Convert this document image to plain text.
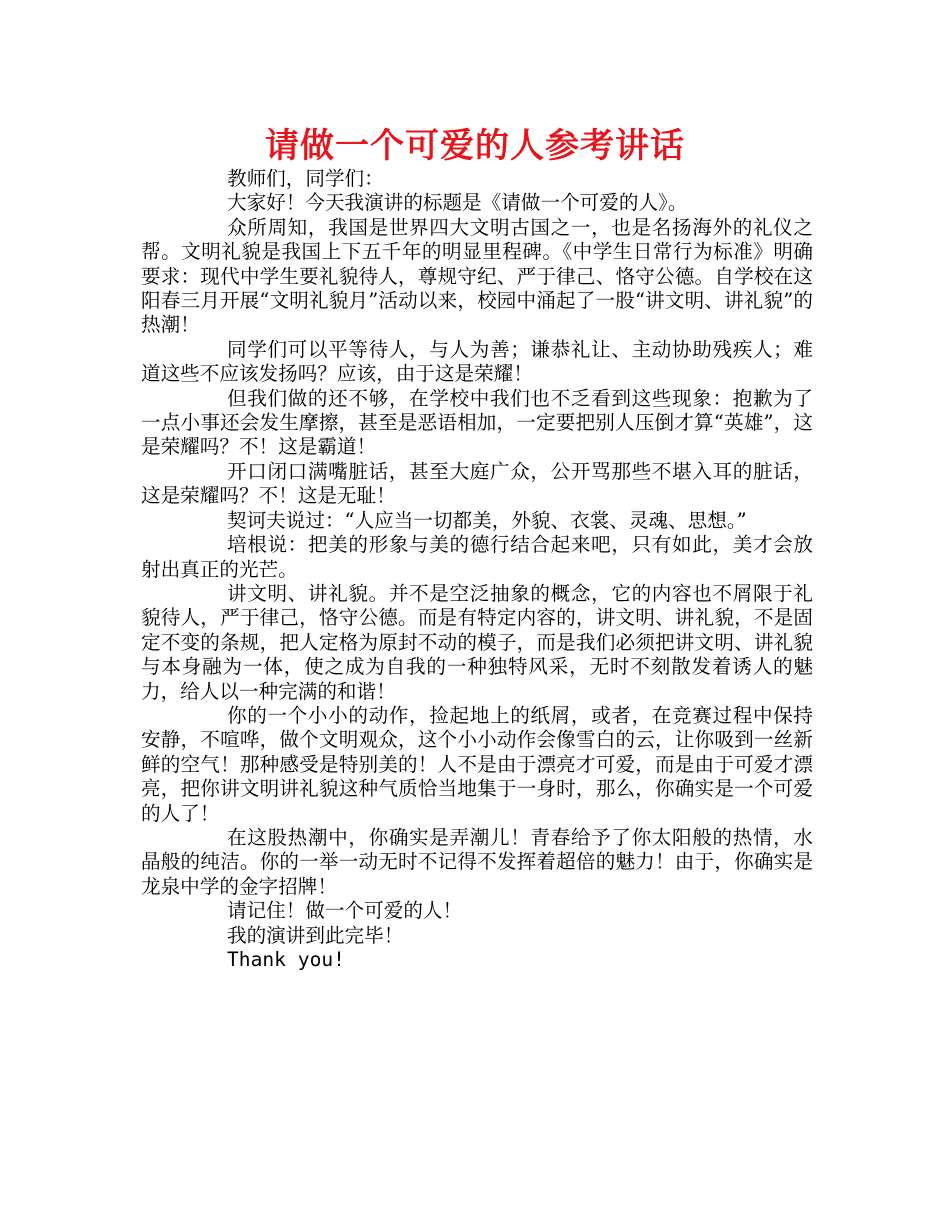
请做一个可爱的人参考讲话

教师们，同学们：

大家好！今天我演讲的标题是《请做一个可爱的人》。

众所周知，我国是世界四大文明古国之一，也是名扬海外的礼仪之帮。文明礼貌是我国上下五千年的明显里程碑。《中学生日常行为标准》明确要求：现代中学生要礼貌待人，尊规守纪、严于律己、恪守公德。自学校在这阳春三月开展“文明礼貌月”活动以来，校园中涌起了一股“讲文明、讲礼貌”的热潮！

同学们可以平等待人，与人为善；谦恭礼让、主动协助残疾人；难道这些不应该发扬吗？应该，由于这是荣耀！

但我们做的还不够，在学校中我们也不乏看到这些现象：抱歉为了一点小事还会发生摩擦，甚至是恶语相加，一定要把别人压倒才算“英雄”，这是荣耀吗？不！这是霸道！

开口闭口满嘴脏话，甚至大庭广众，公开骂那些不堪入耳的脏话，这是荣耀吗？不！这是无耻！

契诃夫说过：“人应当一切都美，外貌、衣裳、灵魂、思想。”

培根说：把美的形象与美的德行结合起来吧，只有如此，美才会放射出真正的光芒。

讲文明、讲礼貌。并不是空泛抽象的概念，它的内容也不屑限于礼貌待人，严于律己，恪守公德。而是有特定内容的，讲文明、讲礼貌，不是固定不变的条规，把人定格为原封不动的模子，而是我们必须把讲文明、讲礼貌与本身融为一体，使之成为自我的一种独特风采，无时不刻散发着诱人的魅力，给人以一种完满的和谐！

你的一个小小的动作，捡起地上的纸屑，或者，在竞赛过程中保持安静，不喧哗，做个文明观众，这个小小动作会像雪白的云，让你吸到一丝新鲜的空气！那种感受是特别美的！人不是由于漂亮才可爱，而是由于可爱才漂亮，把你讲文明讲礼貌这种气质恰当地集于一身时，那么，你确实是一个可爱的人了！

在这股热潮中，你确实是弄潮儿！青春给予了你太阳般的热情，水晶般的纯洁。你的一举一动无时不记得不发挥着超倍的魅力！由于，你确实是龙泉中学的金字招牌！

请记住！做一个可爱的人！

我的演讲到此完毕！

Thank you!
